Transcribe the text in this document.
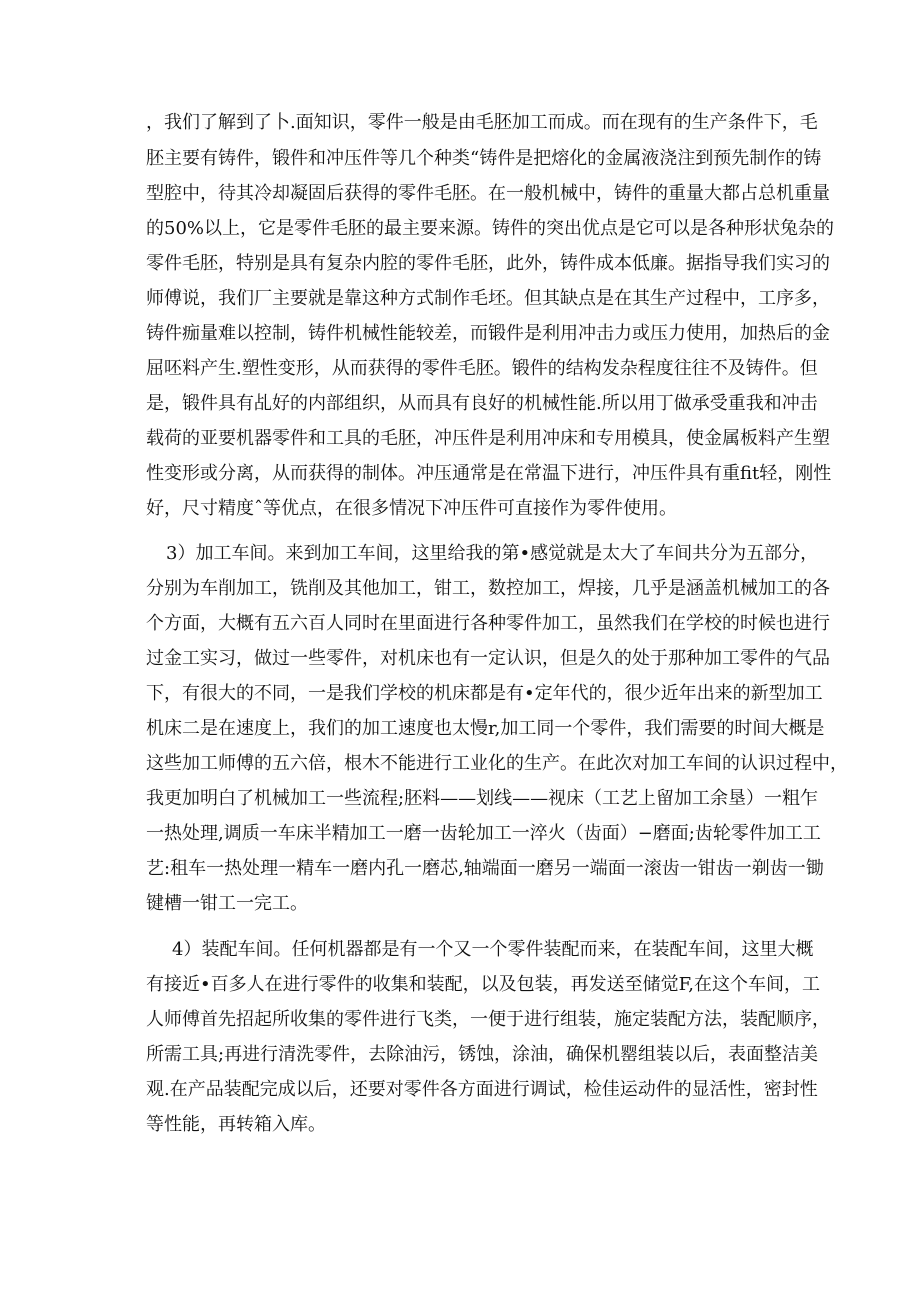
，我们了解到了卜.面知识，零件一般是由毛胚加工而成。而在现有的生产条件下，毛
胚主要有铸件，锻件和冲压件等几个种类“铸件是把熔化的金属液浇注到预先制作的铸
型腔中，待其冷却凝固后获得的零件毛胚。在一般机械中，铸件的重量大都占总机重量
的50%以上，它是零件毛胚的最主要来源。铸件的突出优点是它可以是各种形状兔杂的
零件毛胚，特别是具有复杂内腔的零件毛胚，此外，铸件成本低廉。据指导我们实习的
师傅说，我们厂主要就是靠这种方式制作毛坯。但其缺点是在其生产过程中，工序多，
铸件痂量难以控制，铸件机械性能较差，而锻件是利用冲击力或压力使用，加热后的金
屈呸料产生.塑性变形，从而获得的零件毛胚。锻件的结构发杂程度往往不及铸件。但
是，锻件具有乩好的内部组织，从而具有良好的机械性能.所以用丁做承受重我和冲击
载荷的亚要机器零件和工具的毛胚，冲压件是利用冲床和专用模具，使金属板料产生塑
性变形或分离，从而获得的制体。冲压通常是在常温下进行，冲压件具有重fit轻，刚性
好，尺寸精度ˆ等优点，在很多情况下冲压件可直接作为零件使用。
3）加工车间。来到加工车间，这里给我的第•感觉就是太大了车间共分为五部分，
分别为车削加工，铣削及其他加工，钳工，数控加工，焊接，几乎是涵盖机械加工的各
个方面，大概有五六百人同时在里面进行各种零件加工，虽然我们在学校的时候也进行
过金工实习，做过一些零件，对机床也有一定认识，但是久的处于那种加工零件的气品
下，有很大的不同，一是我们学校的机床都是有•定年代的，很少近年出来的新型加工
机床二是在速度上，我们的加工速度也太慢r,加工同一个零件，我们需要的时间大概是
这些加工师傅的五六倍，根木不能进行工业化的生产。在此次对加工车间的认识过程中，
我更加明白了机械加工一些流程;胚料——划线——视床（工艺上留加工余垦）一粗乍
一热处理,调质一车床半精加工一磨一齿轮加工一淬火（齿面）−磨面;齿轮零件加工工
艺:租车一热处理一精车一磨内孔一磨芯,轴端面一磨另一端面一滚齿一钳齿一剃齿一锄
键槽一钳工一完工。
4）装配车间。任何机器都是有一个又一个零件装配而来，在装配车间，这里大概
有接近•百多人在进行零件的收集和装配，以及包装，再发送至储觉F,在这个车间，工
人师傅首先招起所收集的零件进行飞类，一便于进行组装，施定装配方法，装配顺序，
所需工具;再进行清洗零件，去除油污，锈蚀，涂油，确保机罂组装以后，表面整洁美
观.在产品装配完成以后，还要对零件各方面进行调试，检佳运动件的显活性，密封性
等性能，再转箱入库。
